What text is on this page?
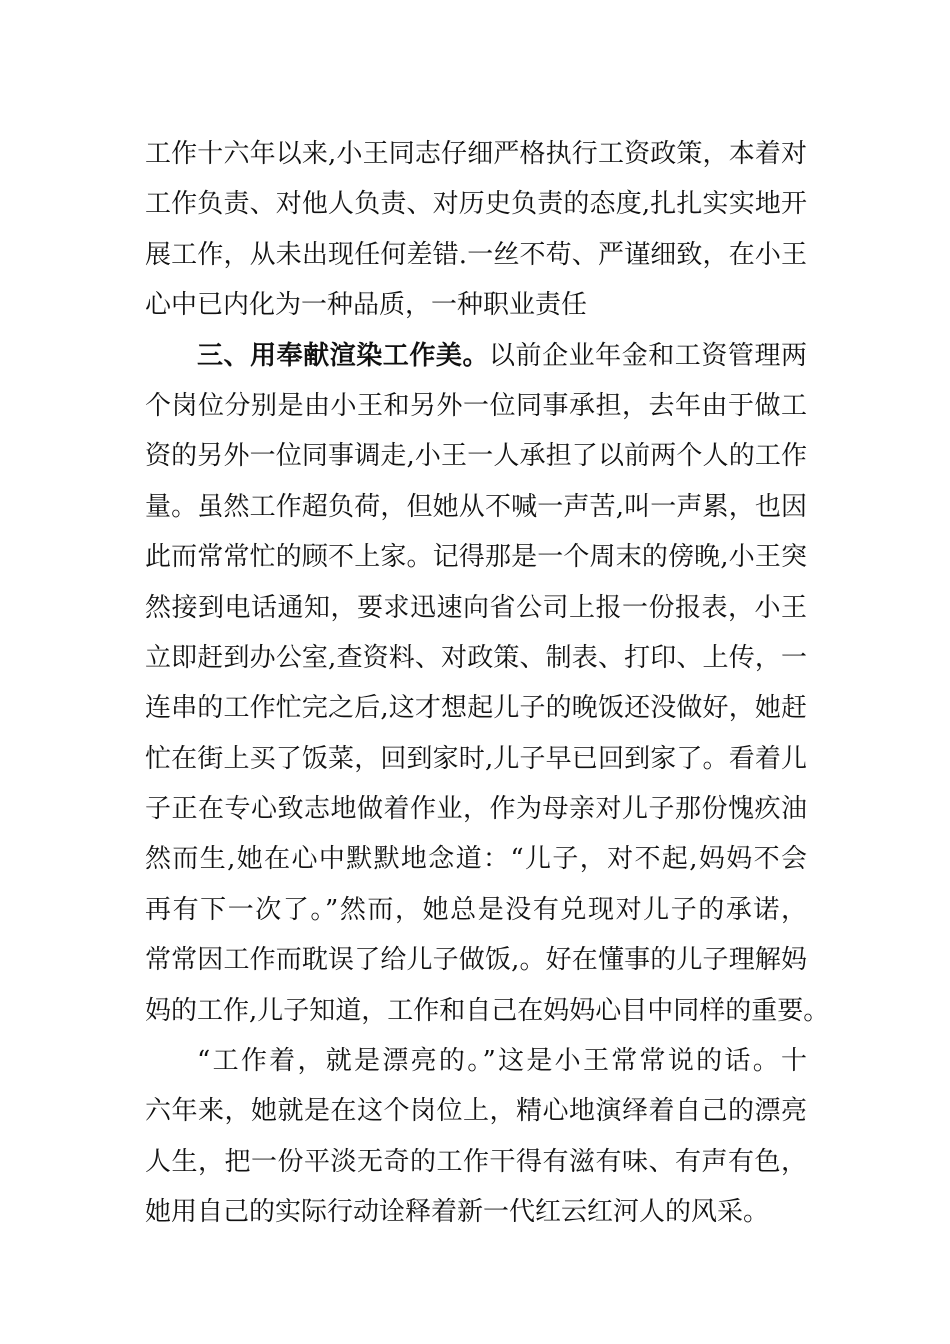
工作十六年以来,小王同志仔细严格执行工资政策，本着对
工作负责、对他人负责、对历史负责的态度,扎扎实实地开
展工作，从未出现任何差错.一丝不苟、严谨细致，在小王
心中已内化为一种品质，一种职业责任
三、用奉献渲染工作美。以前企业年金和工资管理两
个岗位分别是由小王和另外一位同事承担，去年由于做工
资的另外一位同事调走,小王一人承担了以前两个人的工作
量。虽然工作超负荷，但她从不喊一声苦,叫一声累，也因
此而常常忙的顾不上家。记得那是一个周末的傍晚,小王突
然接到电话通知，要求迅速向省公司上报一份报表，小王
立即赶到办公室,查资料、对政策、制表、打印、上传，一
连串的工作忙完之后,这才想起儿子的晚饭还没做好，她赶
忙在街上买了饭菜，回到家时,儿子早已回到家了。看着儿
子正在专心致志地做着作业，作为母亲对儿子那份愧疚油
然而生,她在心中默默地念道：“儿子，对不起,妈妈不会
再有下一次了。”然而，她总是没有兑现对儿子的承诺，
常常因工作而耽误了给儿子做饭,。好在懂事的儿子理解妈
妈的工作,儿子知道，工作和自己在妈妈心目中同样的重要。
“工作着，就是漂亮的。”这是小王常常说的话。十
六年来，她就是在这个岗位上，精心地演绎着自己的漂亮
人生，把一份平淡无奇的工作干得有滋有味、有声有色，
她用自己的实际行动诠释着新一代红云红河人的风采。
